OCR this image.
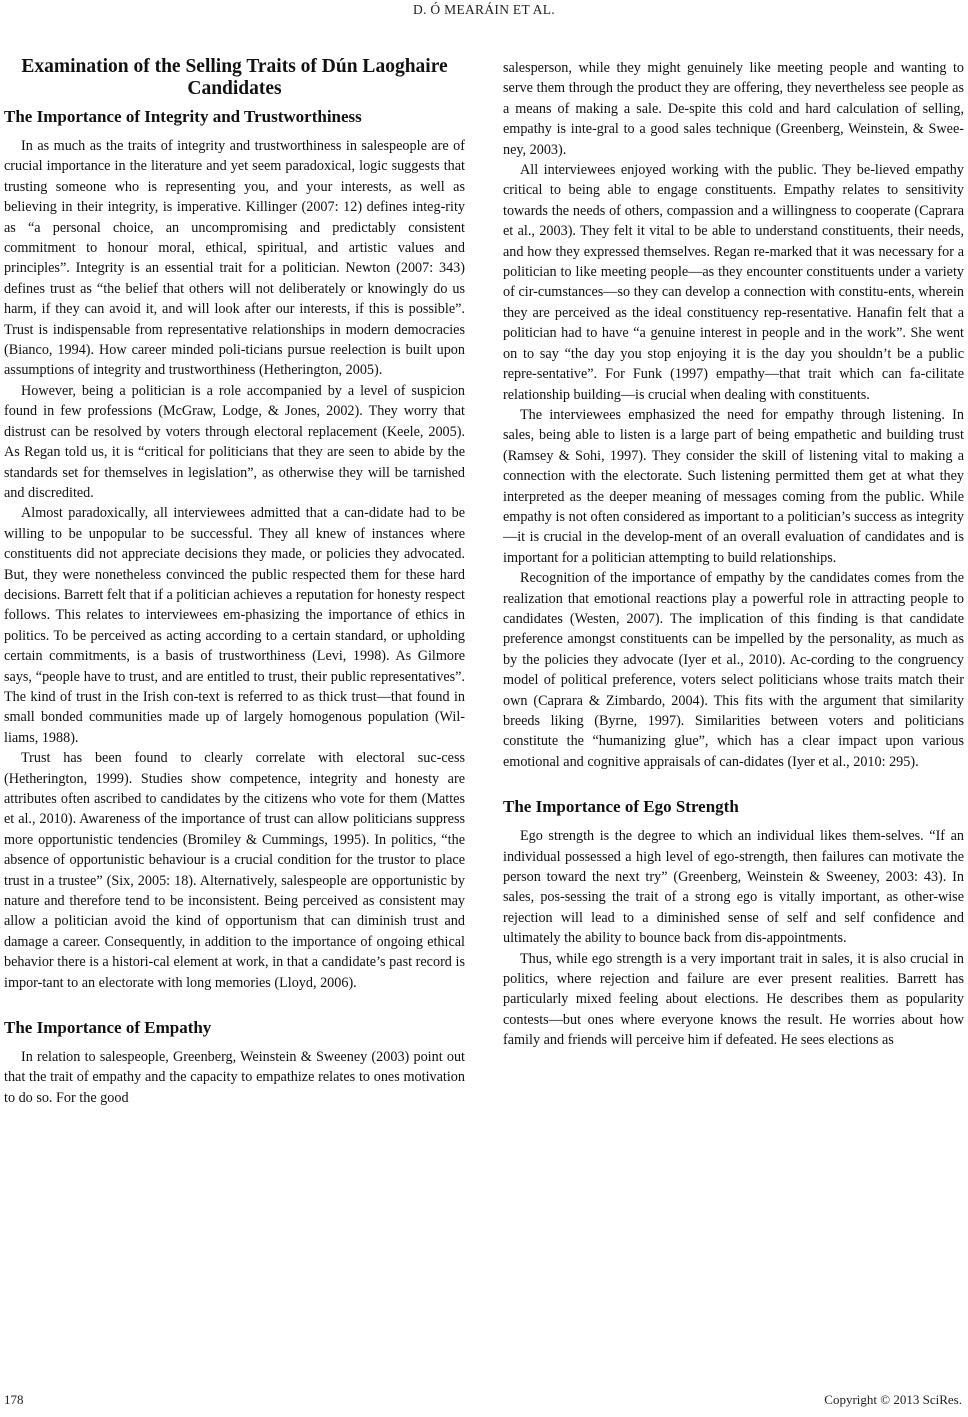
D. Ó MEARÁIN ET AL.
Examination of the Selling Traits of Dún Laoghaire Candidates
The Importance of Integrity and Trustworthiness

In as much as the traits of integrity and trustworthiness in salespeople are of crucial importance in the literature and yet seem paradoxical, logic suggests that trusting someone who is representing you, and your interests, as well as believing in their integrity, is imperative. Killinger (2007: 12) defines integ-rity as “a personal choice, an uncompromising and predictably consistent commitment to honour moral, ethical, spiritual, and artistic values and principles”. Integrity is an essential trait for a politician. Newton (2007: 343) defines trust as “the belief that others will not deliberately or knowingly do us harm, if they can avoid it, and will look after our interests, if this is possible”. Trust is indispensable from representative relationships in modern democracies (Bianco, 1994). How career minded poli-ticians pursue reelection is built upon assumptions of integrity and trustworthiness (Hetherington, 2005).

However, being a politician is a role accompanied by a level of suspicion found in few professions (McGraw, Lodge, & Jones, 2002). They worry that distrust can be resolved by voters through electoral replacement (Keele, 2005). As Regan told us, it is “critical for politicians that they are seen to abide by the standards set for themselves in legislation”, as otherwise they will be tarnished and discredited.

Almost paradoxically, all interviewees admitted that a can-didate had to be willing to be unpopular to be successful. They all knew of instances where constituents did not appreciate decisions they made, or policies they advocated. But, they were nonetheless convinced the public respected them for these hard decisions. Barrett felt that if a politician achieves a reputation for honesty respect follows. This relates to interviewees em-phasizing the importance of ethics in politics. To be perceived as acting according to a certain standard, or upholding certain commitments, is a basis of trustworthiness (Levi, 1998). As Gilmore says, “people have to trust, and are entitled to trust, their public representatives”. The kind of trust in the Irish con-text is referred to as thick trust—that found in small bonded communities made up of largely homogenous population (Wil-liams, 1988).

Trust has been found to clearly correlate with electoral suc-cess (Hetherington, 1999). Studies show competence, integrity and honesty are attributes often ascribed to candidates by the citizens who vote for them (Mattes et al., 2010). Awareness of the importance of trust can allow politicians suppress more opportunistic tendencies (Bromiley & Cummings, 1995). In politics, “the absence of opportunistic behaviour is a crucial condition for the trustor to place trust in a trustee” (Six, 2005: 18). Alternatively, salespeople are opportunistic by nature and therefore tend to be inconsistent. Being perceived as consistent may allow a politician avoid the kind of opportunism that can diminish trust and damage a career. Consequently, in addition to the importance of ongoing ethical behavior there is a histori-cal element at work, in that a candidate’s past record is impor-tant to an electorate with long memories (Lloyd, 2006).

The Importance of Empathy

In relation to salespeople, Greenberg, Weinstein & Sweeney (2003) point out that the trait of empathy and the capacity to empathize relates to ones motivation to do so. For the good

salesperson, while they might genuinely like meeting people and wanting to serve them through the product they are offering, they nevertheless see people as a means of making a sale. De-spite this cold and hard calculation of selling, empathy is inte-gral to a good sales technique (Greenberg, Weinstein, & Swee-ney, 2003).

All interviewees enjoyed working with the public. They be-lieved empathy critical to being able to engage constituents. Empathy relates to sensitivity towards the needs of others, compassion and a willingness to cooperate (Caprara et al., 2003). They felt it vital to be able to understand constituents, their needs, and how they expressed themselves. Regan re-marked that it was necessary for a politician to like meeting people—as they encounter constituents under a variety of cir-cumstances—so they can develop a connection with constitu-ents, wherein they are perceived as the ideal constituency rep-resentative. Hanafin felt that a politician had to have “a genuine interest in people and in the work”. She went on to say “the day you stop enjoying it is the day you shouldn’t be a public repre-sentative”. For Funk (1997) empathy—that trait which can fa-cilitate relationship building—is crucial when dealing with constituents.

The interviewees emphasized the need for empathy through listening. In sales, being able to listen is a large part of being empathetic and building trust (Ramsey & Sohi, 1997). They consider the skill of listening vital to making a connection with the electorate. Such listening permitted them get at what they interpreted as the deeper meaning of messages coming from the public. While empathy is not often considered as important to a politician’s success as integrity—it is crucial in the develop-ment of an overall evaluation of candidates and is important for a politician attempting to build relationships.

Recognition of the importance of empathy by the candidates comes from the realization that emotional reactions play a powerful role in attracting people to candidates (Westen, 2007). The implication of this finding is that candidate preference amongst constituents can be impelled by the personality, as much as by the policies they advocate (Iyer et al., 2010). Ac-cording to the congruency model of political preference, voters select politicians whose traits match their own (Caprara & Zimbardo, 2004). This fits with the argument that similarity breeds liking (Byrne, 1997). Similarities between voters and politicians constitute the “humanizing glue”, which has a clear impact upon various emotional and cognitive appraisals of can-didates (Iyer et al., 2010: 295).

The Importance of Ego Strength

Ego strength is the degree to which an individual likes them-selves. “If an individual possessed a high level of ego-strength, then failures can motivate the person toward the next try” (Greenberg, Weinstein & Sweeney, 2003: 43). In sales, pos-sessing the trait of a strong ego is vitally important, as other-wise rejection will lead to a diminished sense of self and self confidence and ultimately the ability to bounce back from dis-appointments.

Thus, while ego strength is a very important trait in sales, it is also crucial in politics, where rejection and failure are ever present realities. Barrett has particularly mixed feeling about elections. He describes them as popularity contests—but ones where everyone knows the result. He worries about how family and friends will perceive him if defeated. He sees elections as

178	Copyright © 2013 SciRes.
